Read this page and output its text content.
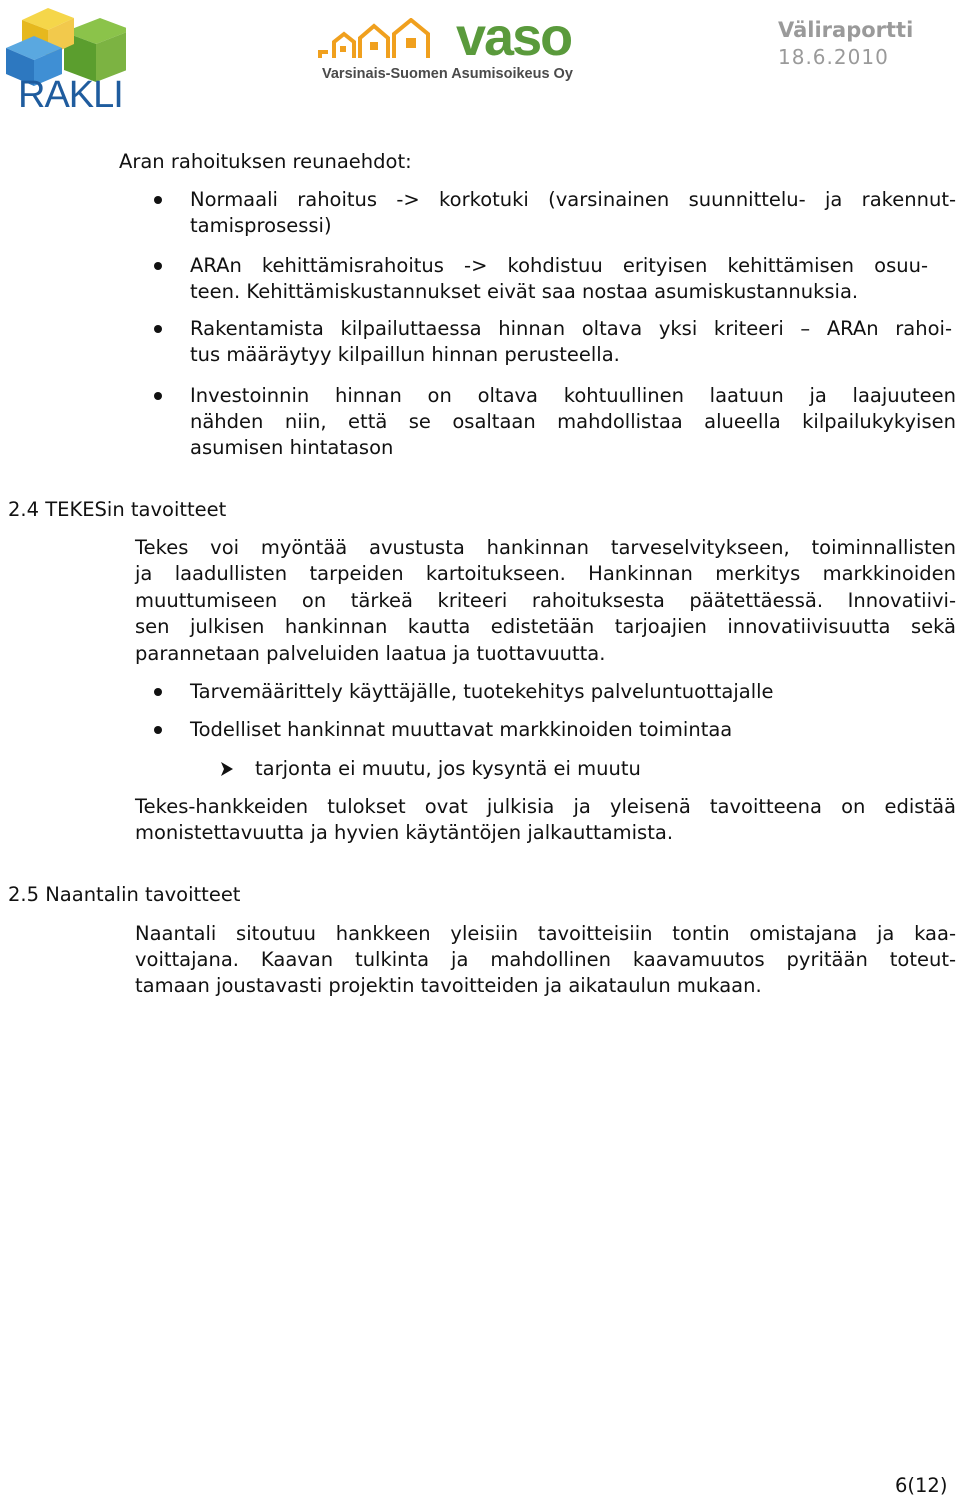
RAKLI
vaso
Varsinais-Suomen Asumisoikeus Oy
Väliraportti
18.6.2010
Aran rahoituksen reunaehdot:
Normaali rahoitus -> korkotuki (varsinainen suunnittelu- ja rakennut-
tamisprosessi)
ARAn kehittämisrahoitus -> kohdistuu erityisen kehittämisen osuu-
teen. Kehittämiskustannukset eivät saa nostaa asumiskustannuksia.
Rakentamista kilpailuttaessa hinnan oltava yksi kriteeri – ARAn rahoi-
tus määräytyy kilpaillun hinnan perusteella.
Investoinnin hinnan on oltava kohtuullinen laatuun ja laajuuteen
nähden niin, että se osaltaan mahdollistaa alueella kilpailukykyisen
asumisen hintatason
2.4 TEKESin tavoitteet
Tekes voi myöntää avustusta hankinnan tarveselvitykseen, toiminnallisten
ja laadullisten tarpeiden kartoitukseen. Hankinnan merkitys markkinoiden
muuttumiseen on tärkeä kriteeri rahoituksesta päätettäessä. Innovatiivi-
sen julkisen hankinnan kautta edistetään tarjoajien innovatiivisuutta sekä
parannetaan palveluiden laatua ja tuottavuutta.
Tarvemäärittely käyttäjälle, tuotekehitys palveluntuottajalle
Todelliset hankinnat muuttavat markkinoiden toimintaa
tarjonta ei muutu, jos kysyntä ei muutu
Tekes-hankkeiden tulokset ovat julkisia ja yleisenä tavoitteena on edistää
monistettavuutta ja hyvien käytäntöjen jalkauttamista.
2.5 Naantalin tavoitteet
Naantali sitoutuu hankkeen yleisiin tavoitteisiin tontin omistajana ja kaa-
voittajana. Kaavan tulkinta ja mahdollinen kaavamuutos pyritään toteut-
tamaan joustavasti projektin tavoitteiden ja aikataulun mukaan.
6(12)
